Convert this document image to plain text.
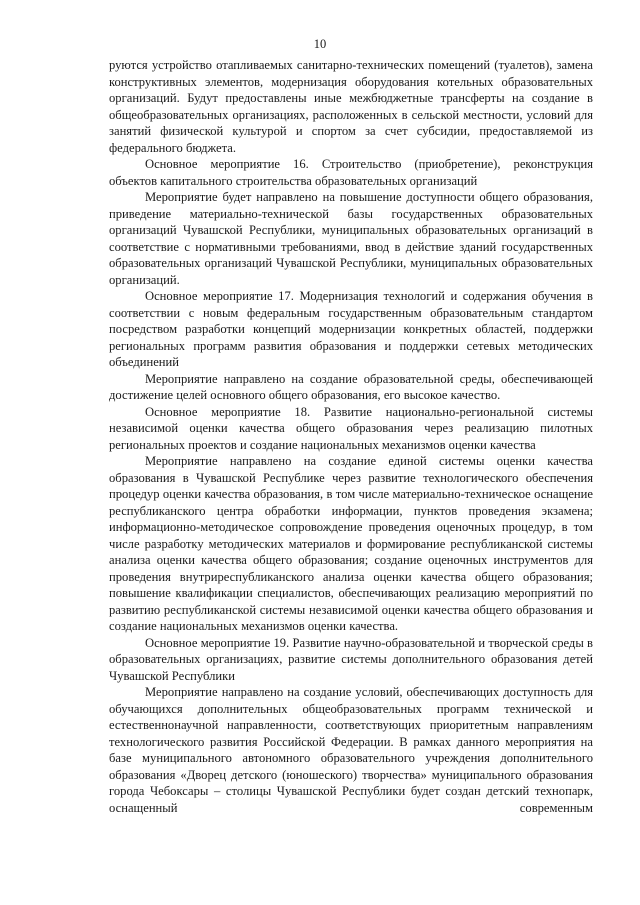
10

руются устройство отапливаемых санитарно-технических помещений (туалетов), замена конструктивных элементов, модернизация оборудования котельных образовательных организаций. Будут предоставлены иные межбюджетные трансферты на создание в общеобразовательных организациях, расположенных в сельской местности, условий для занятий физической культурой и спортом за счет субсидии, предоставляемой из федерального бюджета.

Основное мероприятие 16. Строительство (приобретение), реконструкция объектов капитального строительства образовательных организаций

Мероприятие будет направлено на повышение доступности общего образования, приведение материально-технической базы государственных образовательных организаций Чувашской Республики, муниципальных образовательных организаций в соответствие с нормативными требованиями, ввод в действие зданий государственных образовательных организаций Чувашской Республики, муниципальных образовательных организаций.

Основное мероприятие 17. Модернизация технологий и содержания обучения в соответствии с новым федеральным государственным образовательным стандартом посредством разработки концепций модернизации конкретных областей, поддержки региональных программ развития образования и поддержки сетевых методических объединений

Мероприятие направлено на создание образовательной среды, обеспечивающей достижение целей основного общего образования, его высокое качество.

Основное мероприятие 18. Развитие национально-региональной системы независимой оценки качества общего образования через реализацию пилотных региональных проектов и создание национальных механизмов оценки качества

Мероприятие направлено на создание единой системы оценки качества образования в Чувашской Республике через развитие технологического обеспечения процедур оценки качества образования, в том числе материально-техническое оснащение республиканского центра обработки информации, пунктов проведения экзамена; информационно-методическое сопровождение проведения оценочных процедур, в том числе разработку методических материалов и формирование республиканской системы анализа оценки качества общего образования; создание оценочных инструментов для проведения внутриреспубликанского анализа оценки качества общего образования; повышение квалификации специалистов, обеспечивающих реализацию мероприятий по развитию республиканской системы независимой оценки качества общего образования и создание национальных механизмов оценки качества.

Основное мероприятие 19. Развитие научно-образовательной и творческой среды в образовательных организациях, развитие системы дополнительного образования детей Чувашской Республики

Мероприятие направлено на создание условий, обеспечивающих доступность для обучающихся дополнительных общеобразовательных программ технической и естественнонаучной направленности, соответствующих приоритетным направлениям технологического развития Российской Федерации. В рамках данного мероприятия на базе муниципального автономного образовательного учреждения дополнительного образования «Дворец детского (юношеского) творчества» муниципального образования города Чебоксары – столицы Чувашской Республики будет создан детский технопарк, оснащенный современным
